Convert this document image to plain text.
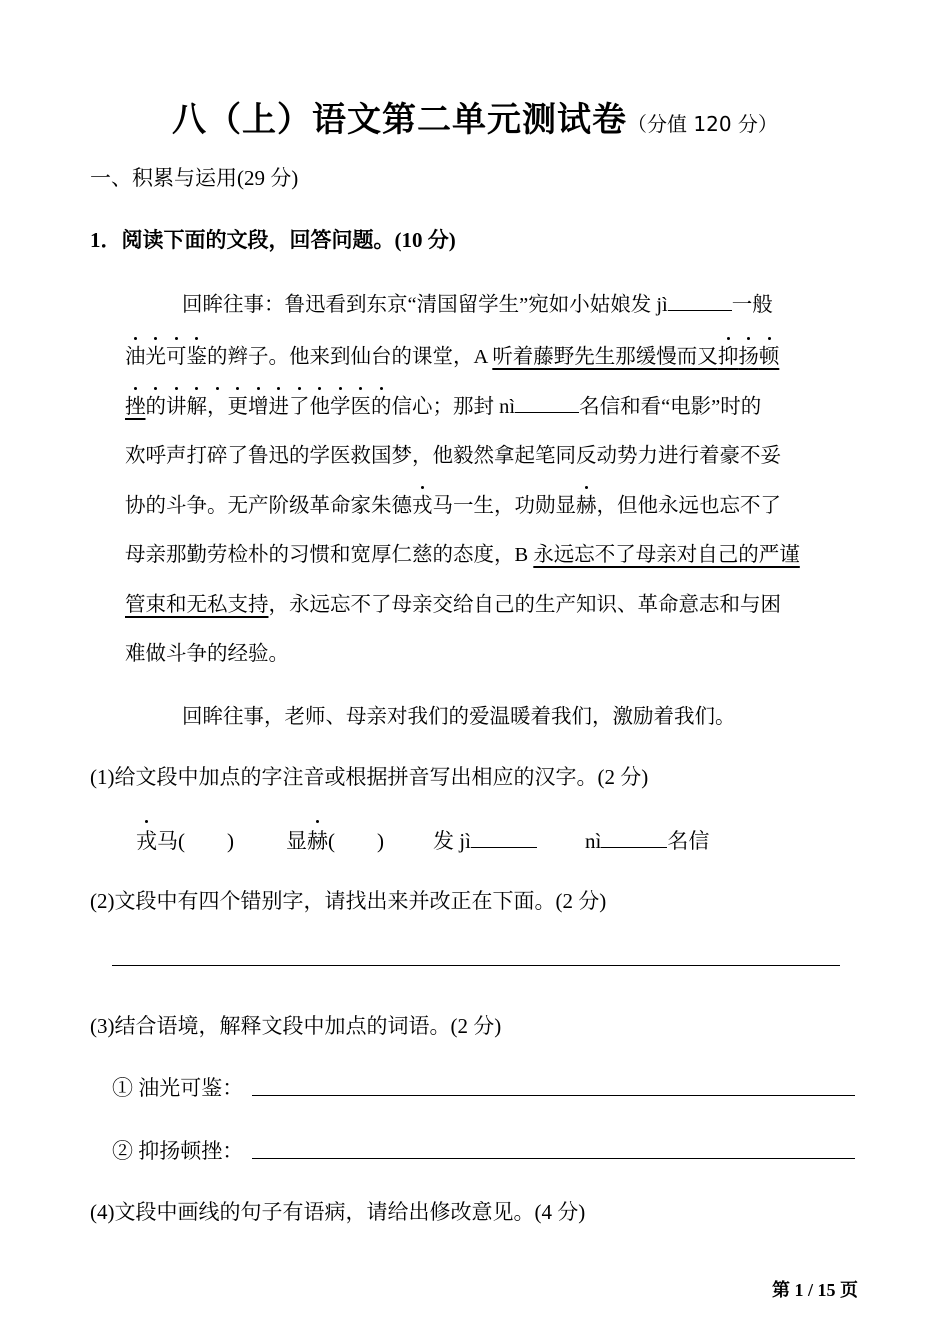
八（上）语文第二单元测试卷（分值 120 分）
一、积累与运用(29 分)
1．阅读下面的文段，回答问题。(10 分)
回眸往事：鲁迅看到东京“清国留学生”宛如小姑娘发 jì	一般
油光可鉴的辫子。他来到仙台的课堂，A 听着藤野先生那缓慢而又抑扬顿
挫的讲解，更增进了他学医的信心；那封 nì	名信和看“电影”时的
欢呼声打碎了鲁迅的学医救国梦，他毅然拿起笔同反动势力进行着豪不妥
协的斗争。无产阶级革命家朱德戎马一生，功勋显赫，但他永远也忘不了
母亲那勤劳检朴的习惯和宽厚仁慈的态度，B 永远忘不了母亲对自己的严谨
管束和无私支持，永远忘不了母亲交给自己的生产知识、革命意志和与困
难做斗争的经验。
回眸往事，老师、母亲对我们的爱温暖着我们，激励着我们。
(1)给文段中加点的字注音或根据拼音写出相应的汉字。(2 分)
戎马(        ) 显赫(        ) 发 jì	nì	名信
(2)文段中有四个错别字，请找出来并改正在下面。(2 分)
(3)结合语境，解释文段中加点的词语。(2 分)
① 油光可鉴：
② 抑扬顿挫：
(4)文段中画线的句子有语病，请给出修改意见。(4 分)
第 1 / 15 页
